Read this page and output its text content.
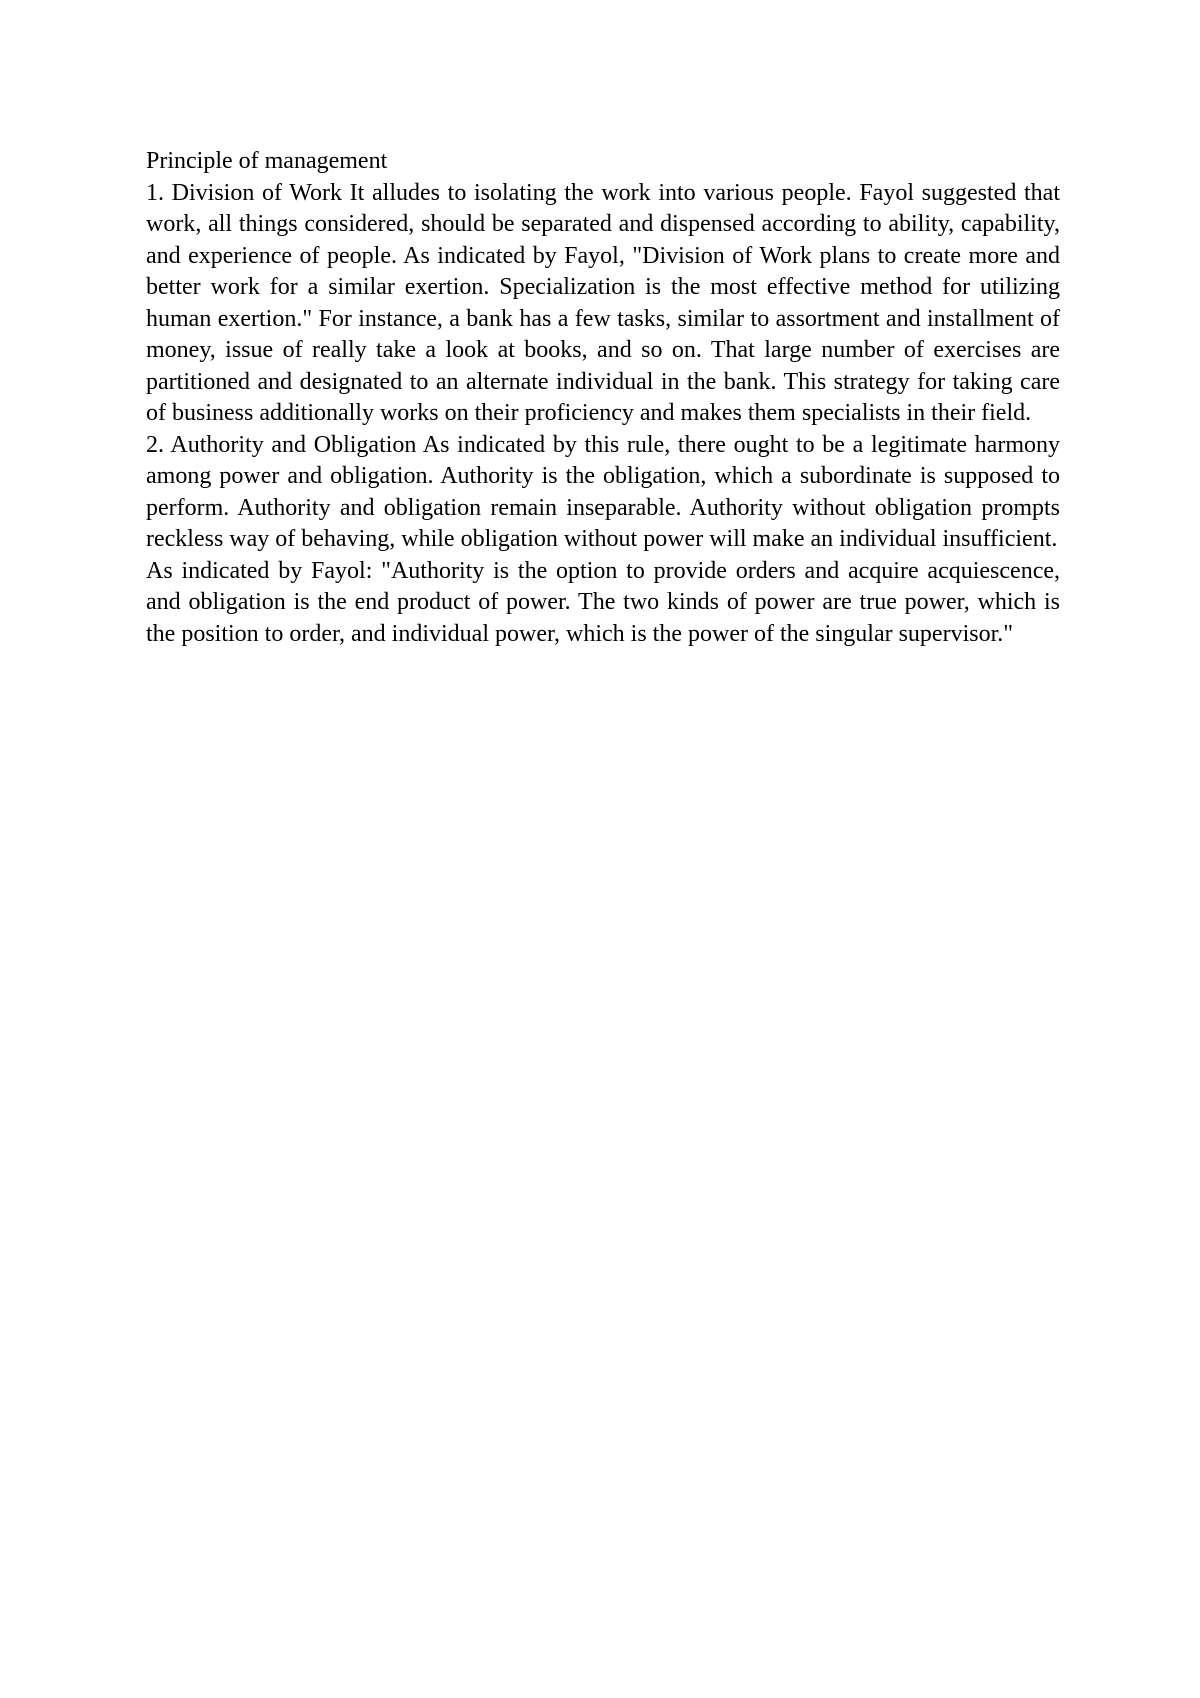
Principle of management

1. Division of Work It alludes to isolating the work into various people. Fayol suggested that work, all things considered, should be separated and dispensed according to ability, capability, and experience of people. As indicated by Fayol, "Division of Work plans to create more and better work for a similar exertion. Specialization is the most effective method for utilizing human exertion." For instance, a bank has a few tasks, similar to assortment and installment of money, issue of really take a look at books, and so on. That large number of exercises are partitioned and designated to an alternate individual in the bank. This strategy for taking care of business additionally works on their proficiency and makes them specialists in their field.

2. Authority and Obligation As indicated by this rule, there ought to be a legitimate harmony among power and obligation. Authority is the obligation, which a subordinate is supposed to perform. Authority and obligation remain inseparable. Authority without obligation prompts reckless way of behaving, while obligation without power will make an individual insufficient.

As indicated by Fayol: "Authority is the option to provide orders and acquire acquiescence, and obligation is the end product of power. The two kinds of power are true power, which is the position to order, and individual power, which is the power of the singular supervisor."
